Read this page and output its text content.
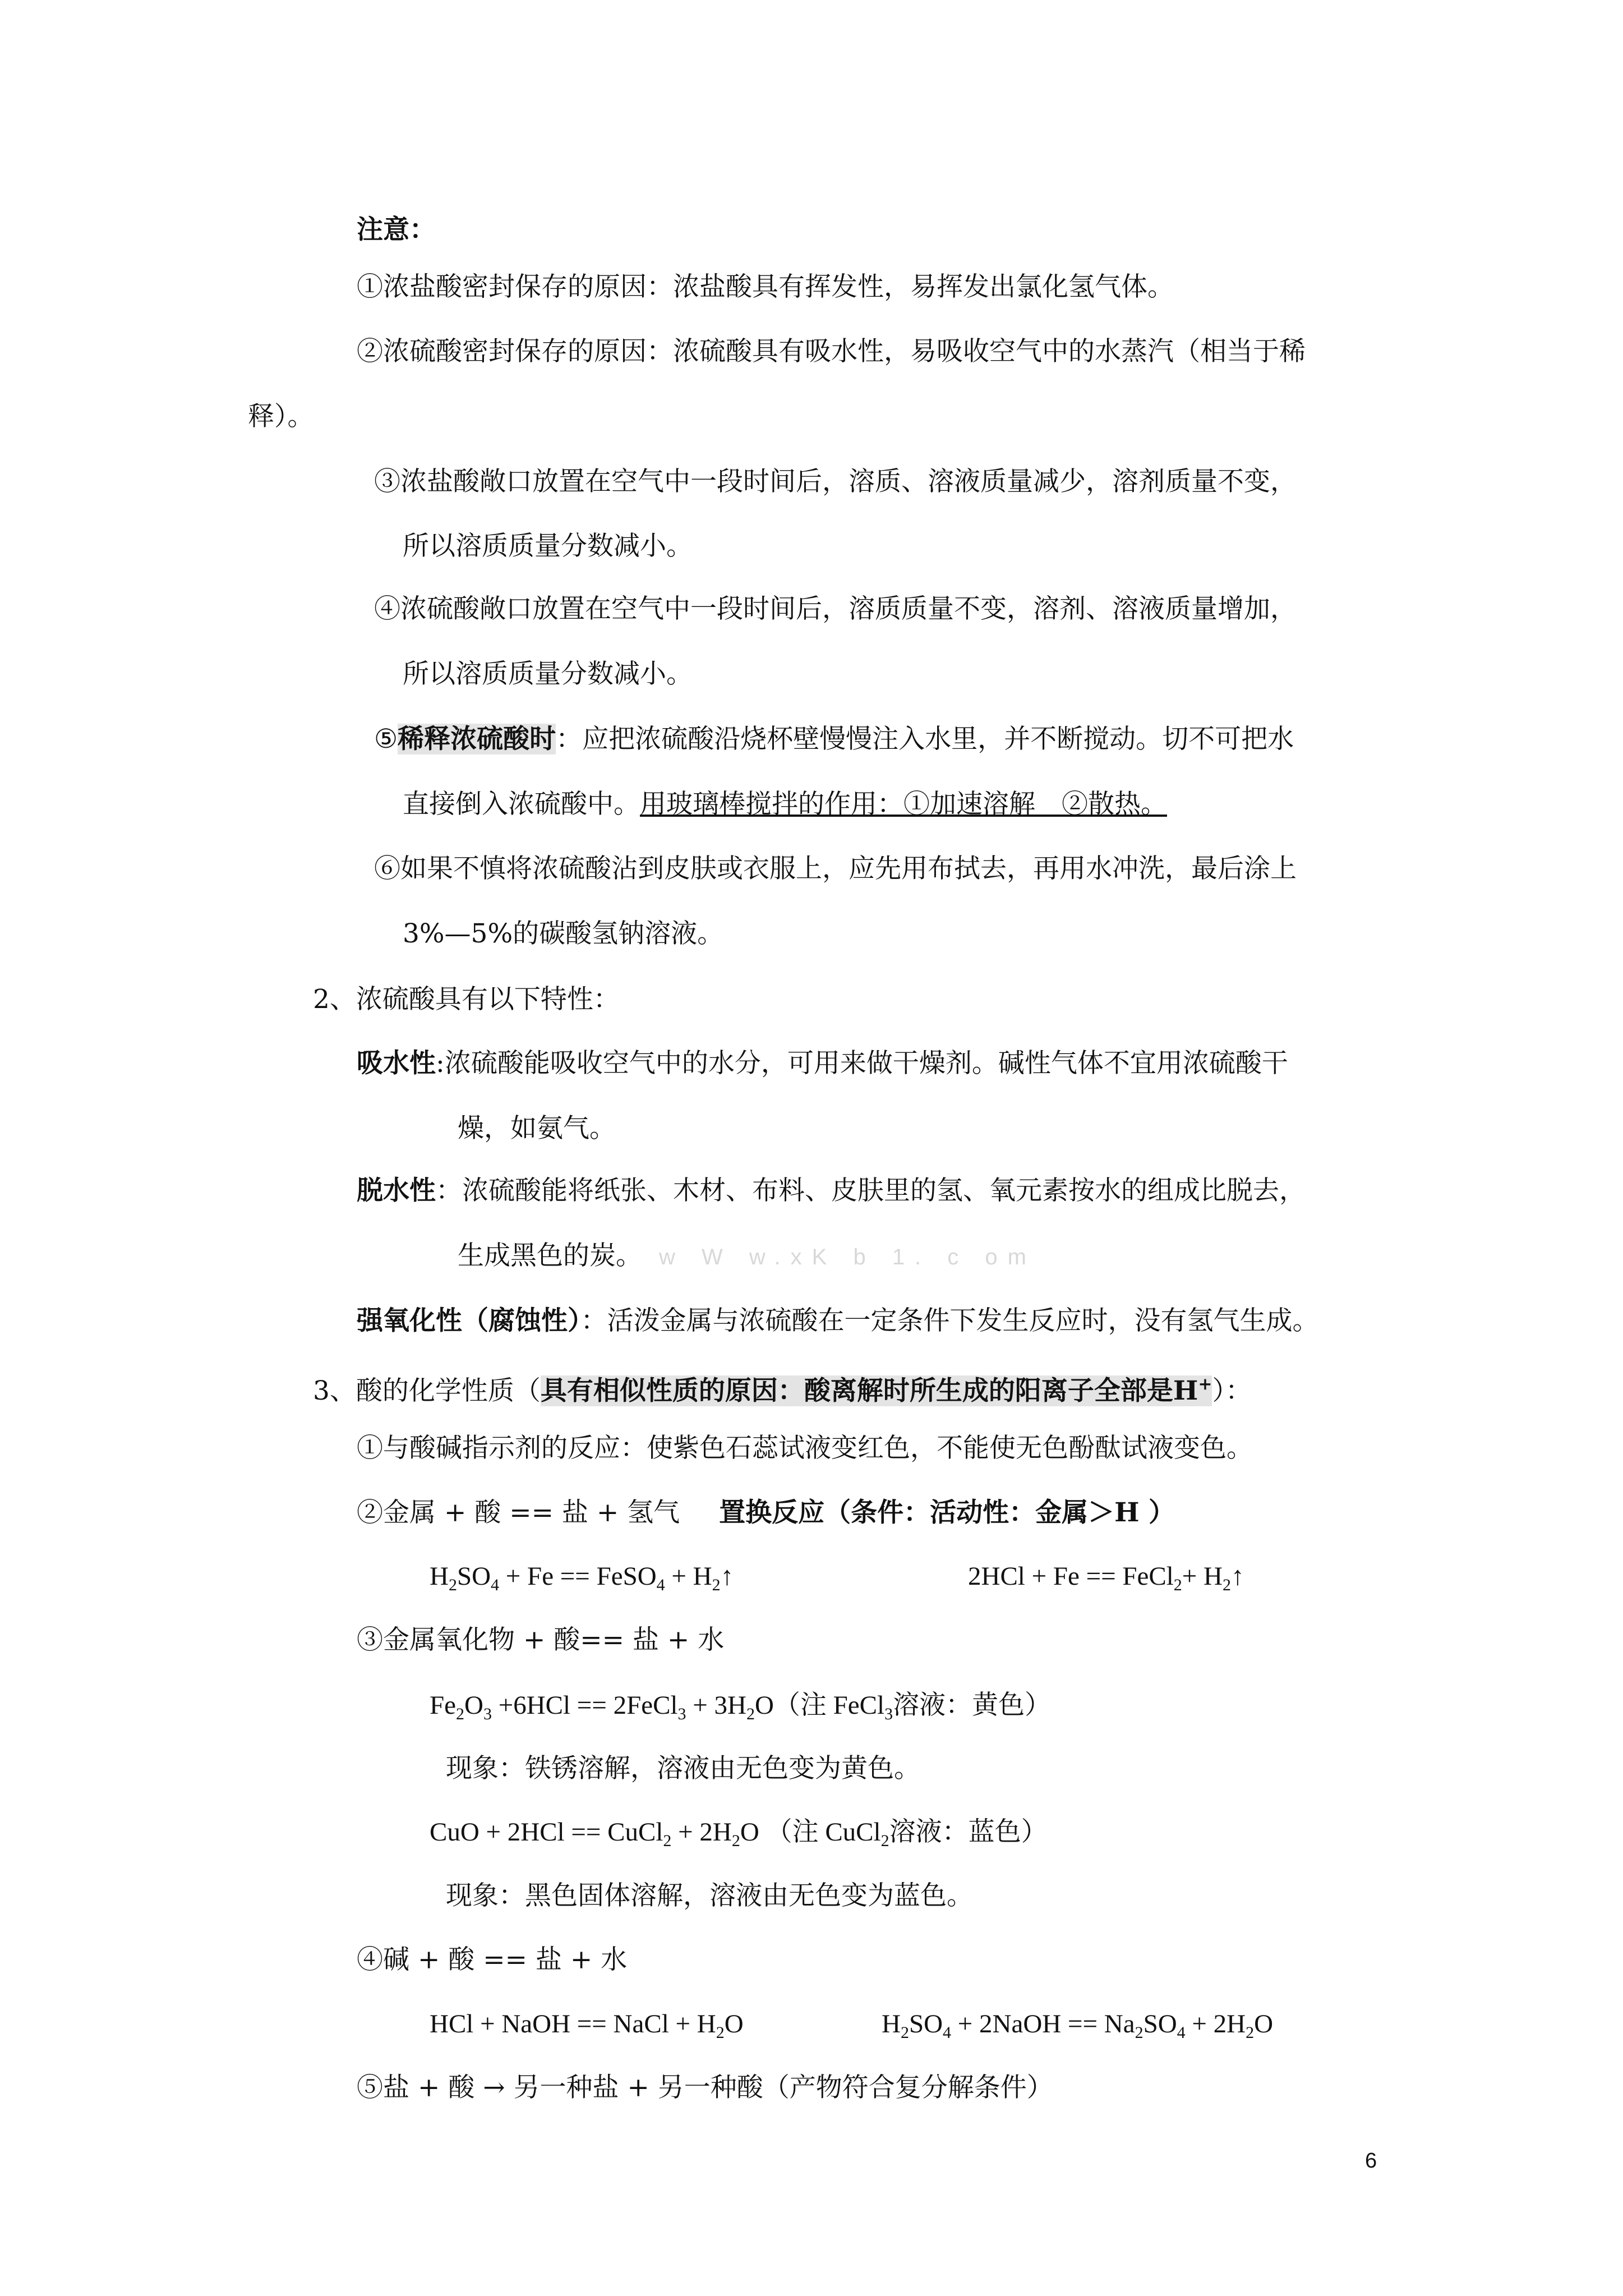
注意：
①浓盐酸密封保存的原因：浓盐酸具有挥发性，易挥发出氯化氢气体。
②浓硫酸密封保存的原因：浓硫酸具有吸水性，易吸收空气中的水蒸汽（相当于稀
释）。
③浓盐酸敞口放置在空气中一段时间后，溶质、溶液质量减少，溶剂质量不变，
所以溶质质量分数减小。
④浓硫酸敞口放置在空气中一段时间后，溶质质量不变，溶剂、溶液质量增加，
所以溶质质量分数减小。
⑤稀释浓硫酸时：应把浓硫酸沿烧杯壁慢慢注入水里，并不断搅动。切不可把水
直接倒入浓硫酸中。用玻璃棒搅拌的作用：①加速溶解　②散热。
⑥如果不慎将浓硫酸沾到皮肤或衣服上，应先用布拭去，再用水冲洗，最后涂上
3%—5%的碳酸氢钠溶液。
2、浓硫酸具有以下特性：
吸水性:浓硫酸能吸收空气中的水分，可用来做干燥剂。碱性气体不宜用浓硫酸干
燥，如氨气。
脱水性：浓硫酸能将纸张、木材、布料、皮肤里的氢、氧元素按水的组成比脱去，
生成黑色的炭。 w W w.xK b 1. c om
强氧化性（腐蚀性）：活泼金属与浓硫酸在一定条件下发生反应时，没有氢气生成。
3、酸的化学性质（具有相似性质的原因：酸离解时所生成的阳离子全部是H+）：
①与酸碱指示剂的反应：使紫色石蕊试液变红色，不能使无色酚酞试液变色。
②金属 + 酸 == 盐 + 氢气 置换反应（条件：活动性：金属＞H ）
$H_2SO_4 + Fe$ == FeSO$_4$ + $H_2↑$	2HCl + Fe == FeCl$_2$+ $H_2↑$
③金属氧化物 + 酸== 盐 + 水
$Fe_2O_3 +6HCl$ == 2FeCl$_3$ + $3H_2O$（注 FeCl$_3$溶液：黄色）
现象：铁锈溶解，溶液由无色变为黄色。
CuO + 2HCl == CuCl$_2$ + $2H_2O$ （注 CuCl$_2$溶液：蓝色）
现象：黑色固体溶解，溶液由无色变为蓝色。
④碱 + 酸 == 盐 + 水
HCl + NaOH == NaCl + $H_2O$	$H_2SO_4$ + 2NaOH == $Na_2SO_4 + 2H_2O$
⑤盐 + 酸 → 另一种盐 + 另一种酸（产物符合复分解条件）
6
